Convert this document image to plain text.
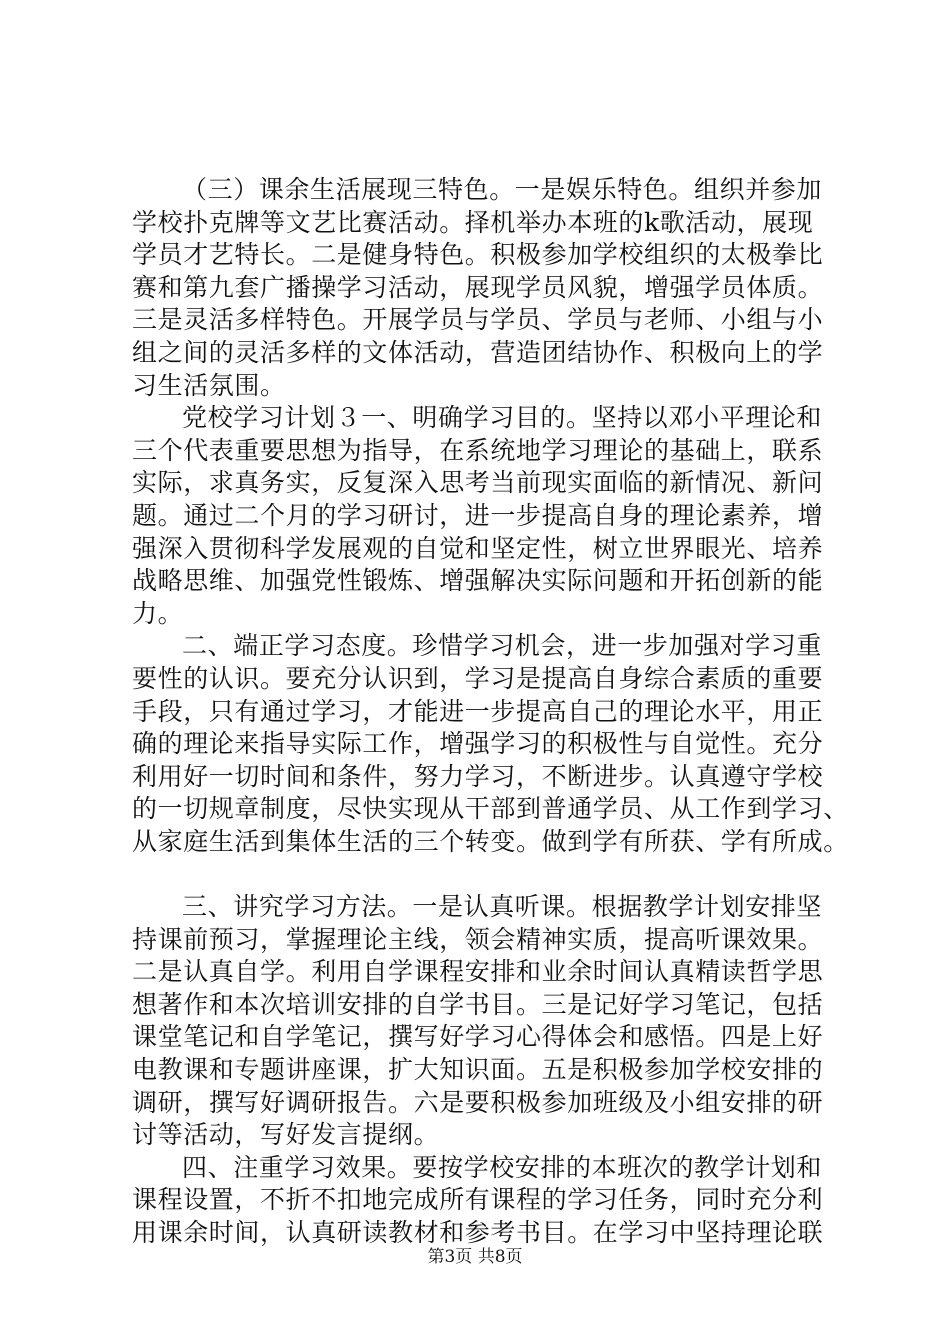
（三）课余生活展现三特色。一是娱乐特色。组织并参加
学校扑克牌等文艺比赛活动。择机举办本班的k歌活动，展现
学员才艺特长。二是健身特色。积极参加学校组织的太极拳比
赛和第九套广播操学习活动，展现学员风貌，增强学员体质。
三是灵活多样特色。开展学员与学员、学员与老师、小组与小
组之间的灵活多样的文体活动，营造团结协作、积极向上的学
习生活氛围。
党校学习计划３一、明确学习目的。坚持以邓小平理论和
三个代表重要思想为指导，在系统地学习理论的基础上，联系
实际，求真务实，反复深入思考当前现实面临的新情况、新问
题。通过二个月的学习研讨，进一步提高自身的理论素养，增
强深入贯彻科学发展观的自觉和坚定性，树立世界眼光、培养
战略思维、加强党性锻炼、增强解决实际问题和开拓创新的能
力。
二、端正学习态度。珍惜学习机会，进一步加强对学习重
要性的认识。要充分认识到，学习是提高自身综合素质的重要
手段，只有通过学习，才能进一步提高自己的理论水平，用正
确的理论来指导实际工作，增强学习的积极性与自觉性。充分
利用好一切时间和条件，努力学习，不断进步。认真遵守学校
的一切规章制度，尽快实现从干部到普通学员、从工作到学习、
从家庭生活到集体生活的三个转变。做到学有所获、学有所成。
三、讲究学习方法。一是认真听课。根据教学计划安排坚
持课前预习，掌握理论主线，领会精神实质，提高听课效果。
二是认真自学。利用自学课程安排和业余时间认真精读哲学思
想著作和本次培训安排的自学书目。三是记好学习笔记，包括
课堂笔记和自学笔记，撰写好学习心得体会和感悟。四是上好
电教课和专题讲座课，扩大知识面。五是积极参加学校安排的
调研，撰写好调研报告。六是要积极参加班级及小组安排的研
讨等活动，写好发言提纲。
四、注重学习效果。要按学校安排的本班次的教学计划和
课程设置，不折不扣地完成所有课程的学习任务，同时充分利
用课余时间，认真研读教材和参考书目。在学习中坚持理论联
第3页 共8页
